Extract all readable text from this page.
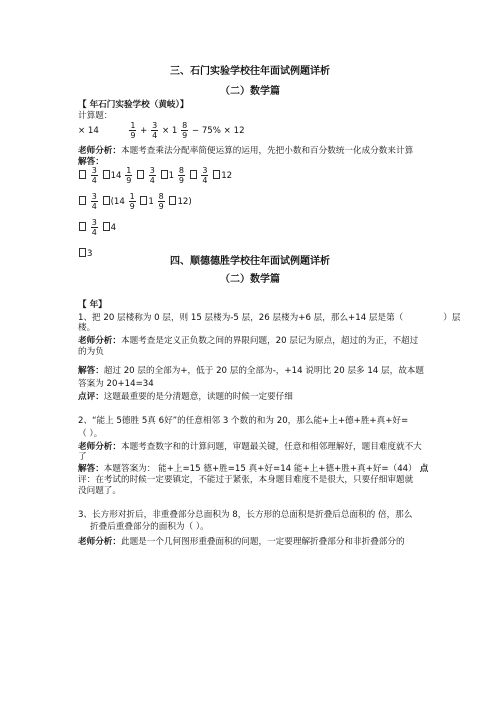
三、石门实验学校往年面试例题详析
（二）数学篇
【 年石门实验学校（黄岐）】
计算题：
× 14	$\frac{1}{9} + \frac{3}{4} \times 1 \frac{8}{9} - 75\% \times 12$
老师分析：本题考查乘法分配率简便运算的运用，先把小数和百分数统一化成分数来计算
解答：

$\frac{3}{4} 14 \frac{1}{9}$
$\frac{3}{4} 1 \frac{8}{9}$
$\frac{3}{4} 12$

$\frac{3}{4} (14 \frac{1}{9} 1 \frac{8}{9} 12)$

$\frac{3}{4} 4$
3
四、顺德德胜学校往年面试例题详析
（二）数学篇
【 年】
1、把 20 层楼称为 0 层，则 15 层楼为-5 层，26 层楼为+6 层，那么+14 层是第（	）层
楼。
老师分析：本题考查是定义正负数之间的界限问题，20 层记为原点，超过的为正，不超过
的为负
解答：超过 20 层的全部为+，低于 20 层的全部为-，+14 说明比 20 层多 14 层，故本题
答案为 20+14=34
点评：这题最重要的是分清题意，读题的时候一定要仔细
2、“能上 5德胜 5真 6好”的任意相邻 3 个数的和为 20，那么能+上+德+胜+真+好=
（ ）。
老师分析：本题考查数字和的计算问题，审题最关键，任意和相邻理解好，题目难度就不大
了
解答：本题答案为： 能+上=15 德+胜=15 真+好=14 能+上+德+胜+真+好=（44） 点
评：在考试的时候一定要镇定，不能过于紧张，本身题目难度不是很大，只要仔细审题就
没问题了。
3、长方形对折后，非重叠部分总面积为 8，长方形的总面积是折叠后总面积的 倍，那么
折叠后重叠部分的面积为（ ）。
老师分析：此题是一个几何图形重叠面积的问题，一定要理解折叠部分和非折叠部分的
